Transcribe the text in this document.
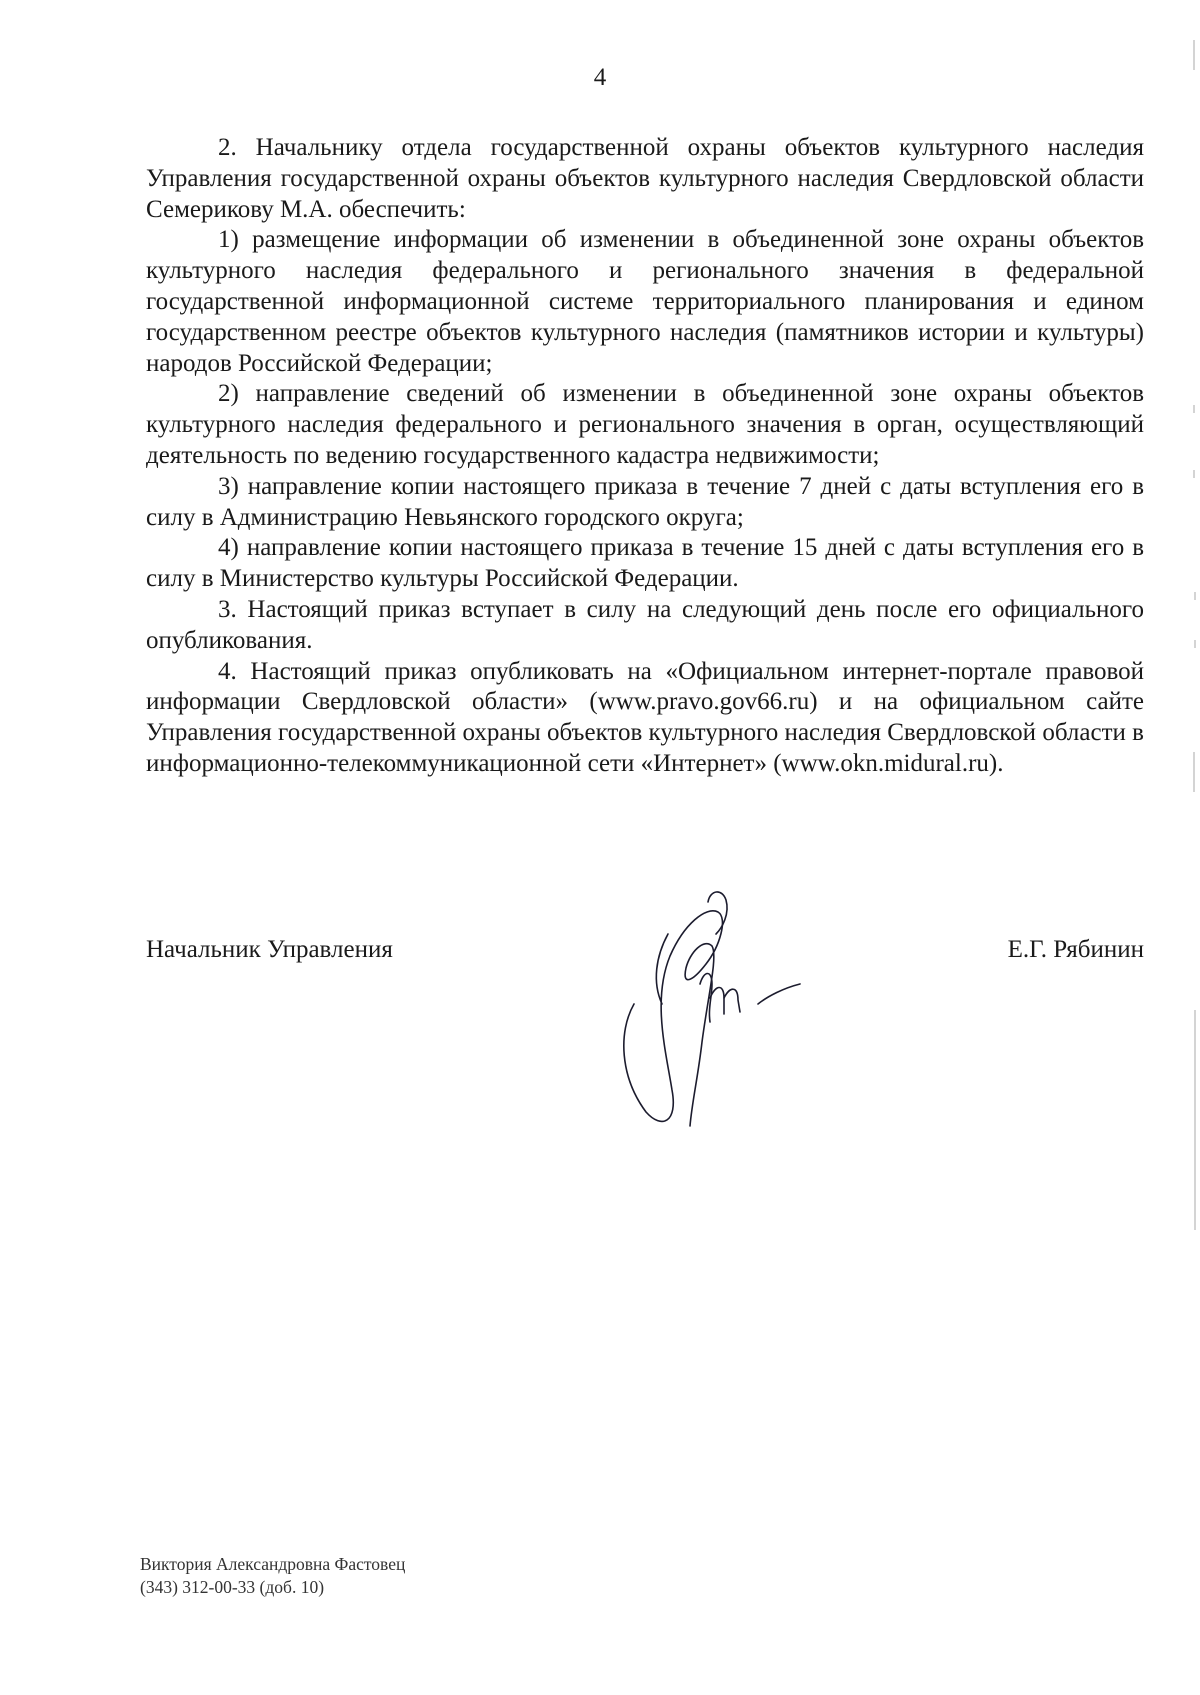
4

2. Начальнику отдела государственной охраны объектов культурного наследия Управления государственной охраны объектов культурного наследия Свердловской области Семерикову М.А. обеспечить:

1) размещение информации об изменении в объединенной зоне охраны объектов культурного наследия федерального и регионального значения в федеральной государственной информационной системе территориального планирования и едином государственном реестре объектов культурного наследия (памятников истории и культуры) народов Российской Федерации;

2) направление сведений об изменении в объединенной зоне охраны объектов культурного наследия федерального и регионального значения в орган, осуществляющий деятельность по ведению государственного кадастра недвижимости;

3) направление копии настоящего приказа в течение 7 дней с даты вступления его в силу в Администрацию Невьянского городского округа;

4) направление копии настоящего приказа в течение 15 дней с даты вступления его в силу в Министерство культуры Российской Федерации.

3. Настоящий приказ вступает в силу на следующий день после его официального опубликования.

4. Настоящий приказ опубликовать на «Официальном интернет-портале правовой информации Свердловской области» (www.pravo.gov66.ru) и на официальном сайте Управления государственной охраны объектов культурного наследия Свердловской области в информационно-телекоммуникационной сети «Интернет» (www.okn.midural.ru).

Начальник Управления	Е.Г. Рябинин
Виктория Александровна Фастовец
(343) 312-00-33 (доб. 10)
